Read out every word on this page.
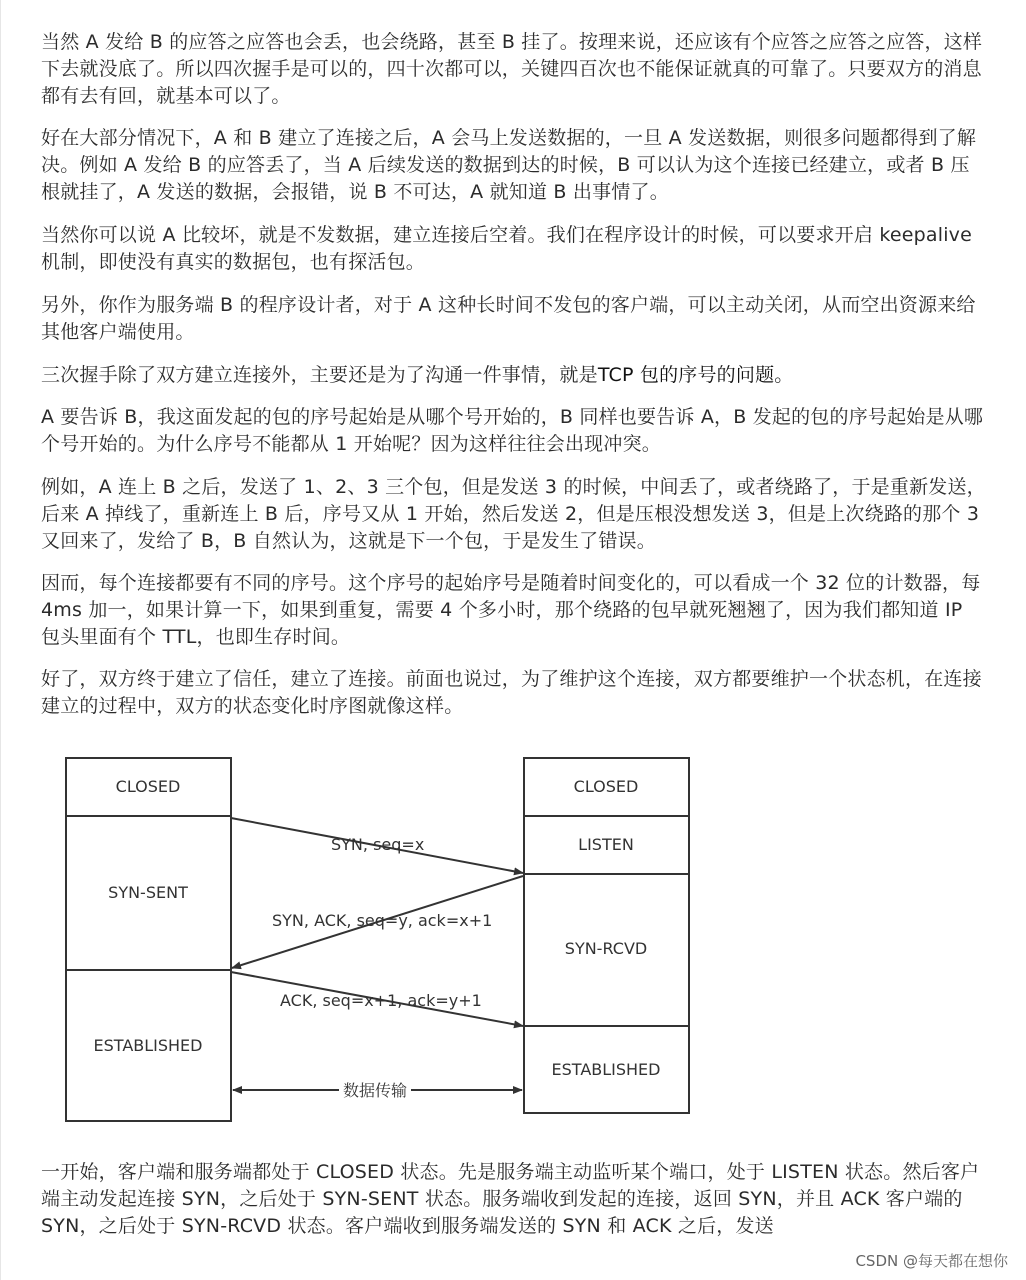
当然 A 发给 B 的应答之应答也会丢，也会绕路，甚至 B 挂了。按理来说，还应该有个应答之应答之应答，这样下去就没底了。所以四次握手是可以的，四十次都可以，关键四百次也不能保证就真的可靠了。只要双方的消息都有去有回，就基本可以了。

好在大部分情况下，A 和 B 建立了连接之后，A 会马上发送数据的，一旦 A 发送数据，则很多问题都得到了解决。例如 A 发给 B 的应答丢了，当 A 后续发送的数据到达的时候，B 可以认为这个连接已经建立，或者 B 压根就挂了，A 发送的数据，会报错，说 B 不可达，A 就知道 B 出事情了。

当然你可以说 A 比较坏，就是不发数据，建立连接后空着。我们在程序设计的时候，可以要求开启 keepalive 机制，即使没有真实的数据包，也有探活包。

另外，你作为服务端 B 的程序设计者，对于 A 这种长时间不发包的客户端，可以主动关闭，从而空出资源来给其他客户端使用。

三次握手除了双方建立连接外，主要还是为了沟通一件事情，就是TCP 包的序号的问题。

A 要告诉 B，我这面发起的包的序号起始是从哪个号开始的，B 同样也要告诉 A，B 发起的包的序号起始是从哪个号开始的。为什么序号不能都从 1 开始呢？因为这样往往会出现冲突。

例如，A 连上 B 之后，发送了 1、2、3 三个包，但是发送 3 的时候，中间丢了，或者绕路了，于是重新发送，后来 A 掉线了，重新连上 B 后，序号又从 1 开始，然后发送 2，但是压根没想发送 3，但是上次绕路的那个 3 又回来了，发给了 B，B 自然认为，这就是下一个包，于是发生了错误。

因而，每个连接都要有不同的序号。这个序号的起始序号是随着时间变化的，可以看成一个 32 位的计数器，每 4ms 加一，如果计算一下，如果到重复，需要 4 个多小时，那个绕路的包早就死翘翘了，因为我们都知道 IP 包头里面有个 TTL，也即生存时间。

好了，双方终于建立了信任，建立了连接。前面也说过，为了维护这个连接，双方都要维护一个状态机，在连接建立的过程中，双方的状态变化时序图就像这样。

CLOSED
SYN-SENT
ESTABLISHED
CLOSED
LISTEN
SYN-RCVD
ESTABLISHED
SYN, seq=x
SYN, ACK, seq=y, ack=x+1
ACK, seq=x+1, ack=y+1
数据传输

一开始，客户端和服务端都处于 CLOSED 状态。先是服务端主动监听某个端口，处于 LISTEN 状态。然后客户端主动发起连接 SYN，之后处于 SYN-SENT 状态。服务端收到发起的连接，返回 SYN，并且 ACK 客户端的 SYN，之后处于 SYN-RCVD 状态。客户端收到服务端发送的 SYN 和 ACK 之后，发送

CSDN @每天都在想你
